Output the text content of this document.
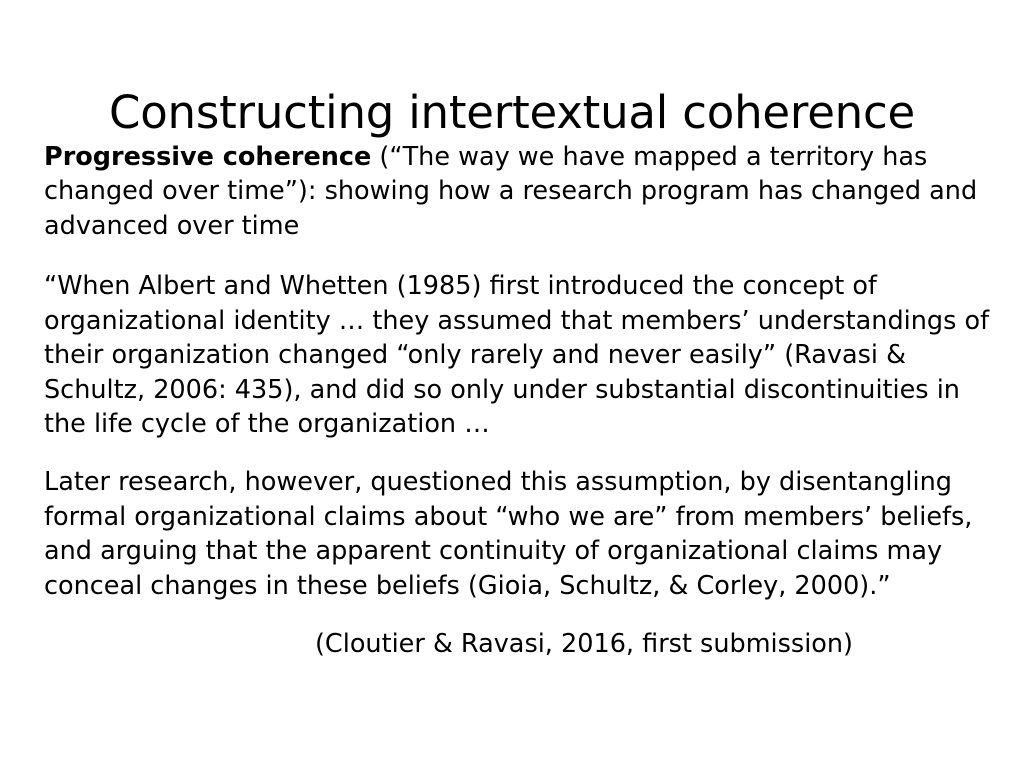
Constructing intertextual coherence

Progressive coherence (“The way we have mapped a territory has changed over time”): showing how a research program has changed and advanced over time

“When Albert and Whetten (1985) first introduced the concept of organizational identity … they assumed that members’ understandings of their organization changed “only rarely and never easily” (Ravasi & Schultz, 2006: 435), and did so only under substantial discontinuities in the life cycle of the organization …

Later research, however, questioned this assumption, by disentangling formal organizational claims about “who we are” from members’ beliefs, and arguing that the apparent continuity of organizational claims may conceal changes in these beliefs (Gioia, Schultz, & Corley, 2000).”

(Cloutier & Ravasi, 2016, first submission)
